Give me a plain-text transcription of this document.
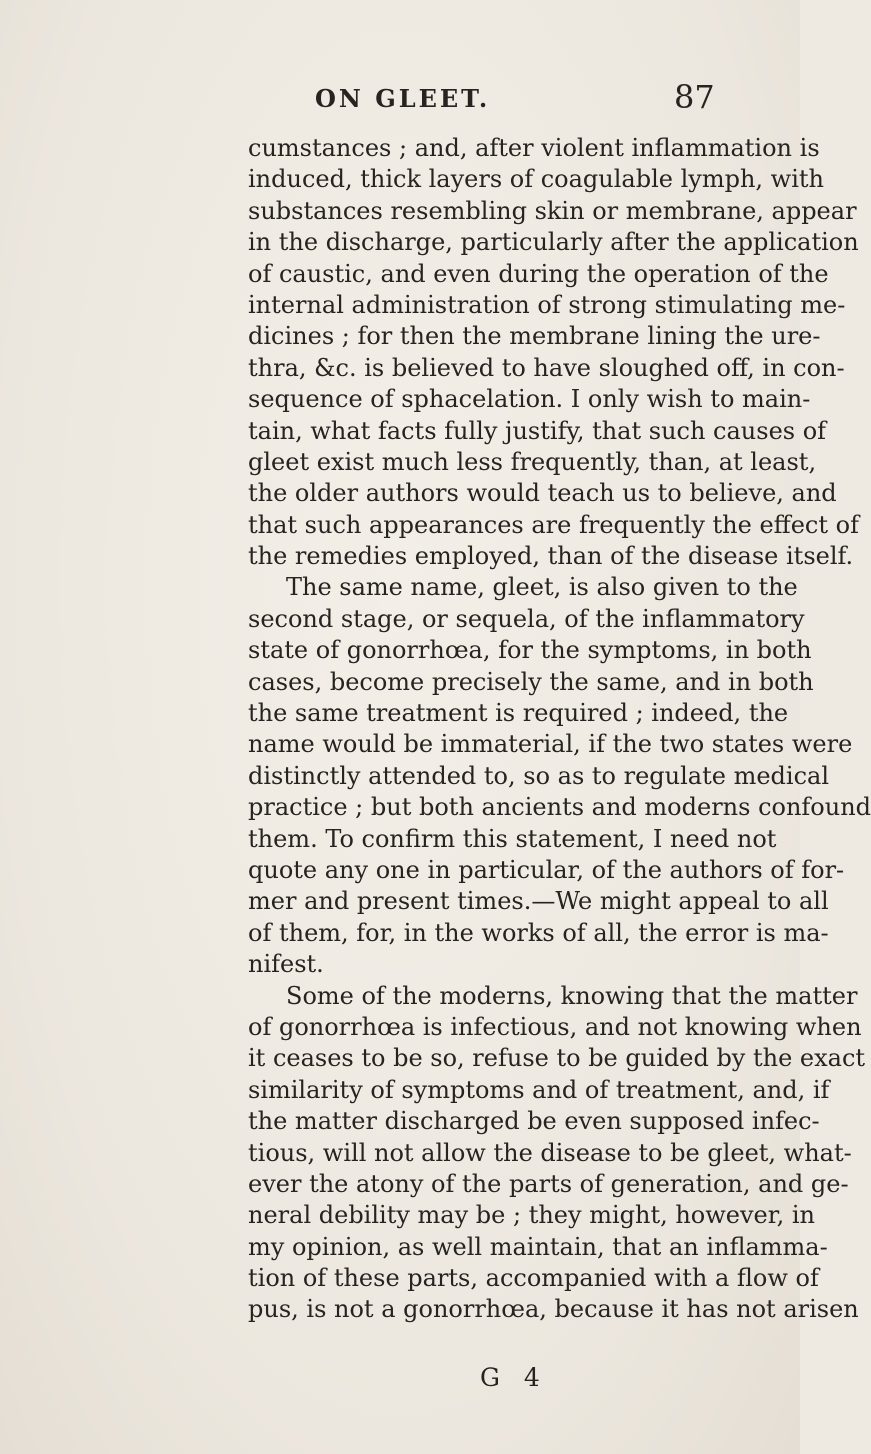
ON GLEET.	87
cumstances ; and, after violent inflammation is
induced, thick layers of coagulable lymph, with
substances resembling skin or membrane, appear
in the discharge, particularly after the application
of caustic, and even during the operation of the
internal administration of strong stimulating me-
dicines ; for then the membrane lining the ure-
thra, &c. is believed to have sloughed off, in con-
sequence of sphacelation. I only wish to main-
tain, what facts fully justify, that such causes of
gleet exist much less frequently, than, at least,
the older authors would teach us to believe, and
that such appearances are frequently the effect of
the remedies employed, than of the disease itself.
The same name, gleet, is also given to the
second stage, or sequela, of the inflammatory
state of gonorrhœa, for the symptoms, in both
cases, become precisely the same, and in both
the same treatment is required ; indeed, the
name would be immaterial, if the two states were
distinctly attended to, so as to regulate medical
practice ; but both ancients and moderns confound
them. To confirm this statement, I need not
quote any one in particular, of the authors of for-
mer and present times.—We might appeal to all
of them, for, in the works of all, the error is ma-
nifest.
Some of the moderns, knowing that the matter
of gonorrhœa is infectious, and not knowing when
it ceases to be so, refuse to be guided by the exact
similarity of symptoms and of treatment, and, if
the matter discharged be even supposed infec-
tious, will not allow the disease to be gleet, what-
ever the atony of the parts of generation, and ge-
neral debility may be ; they might, however, in
my opinion, as well maintain, that an inflamma-
tion of these parts, accompanied with a flow of
pus, is not a gonorrhœa, because it has not arisen
G 4
